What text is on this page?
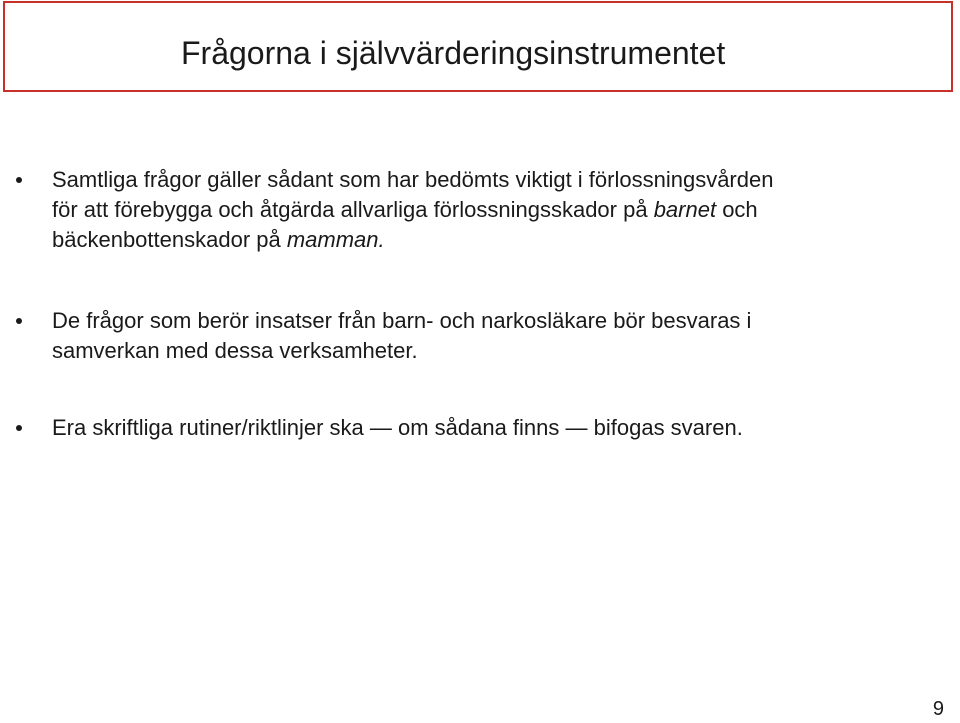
Frågorna i självvärderingsinstrumentet

Samtliga frågor gäller sådant som har bedömts viktigt i förlossningsvården
för att förebygga och åtgärda allvarliga förlossningsskador på barnet och
bäckenbottenskador på mamman.

De frågor som berör insatser från barn- och narkosläkare bör besvaras i
samverkan med dessa verksamheter.

Era skriftliga rutiner/riktlinjer ska — om sådana finns — bifogas svaren.

9
